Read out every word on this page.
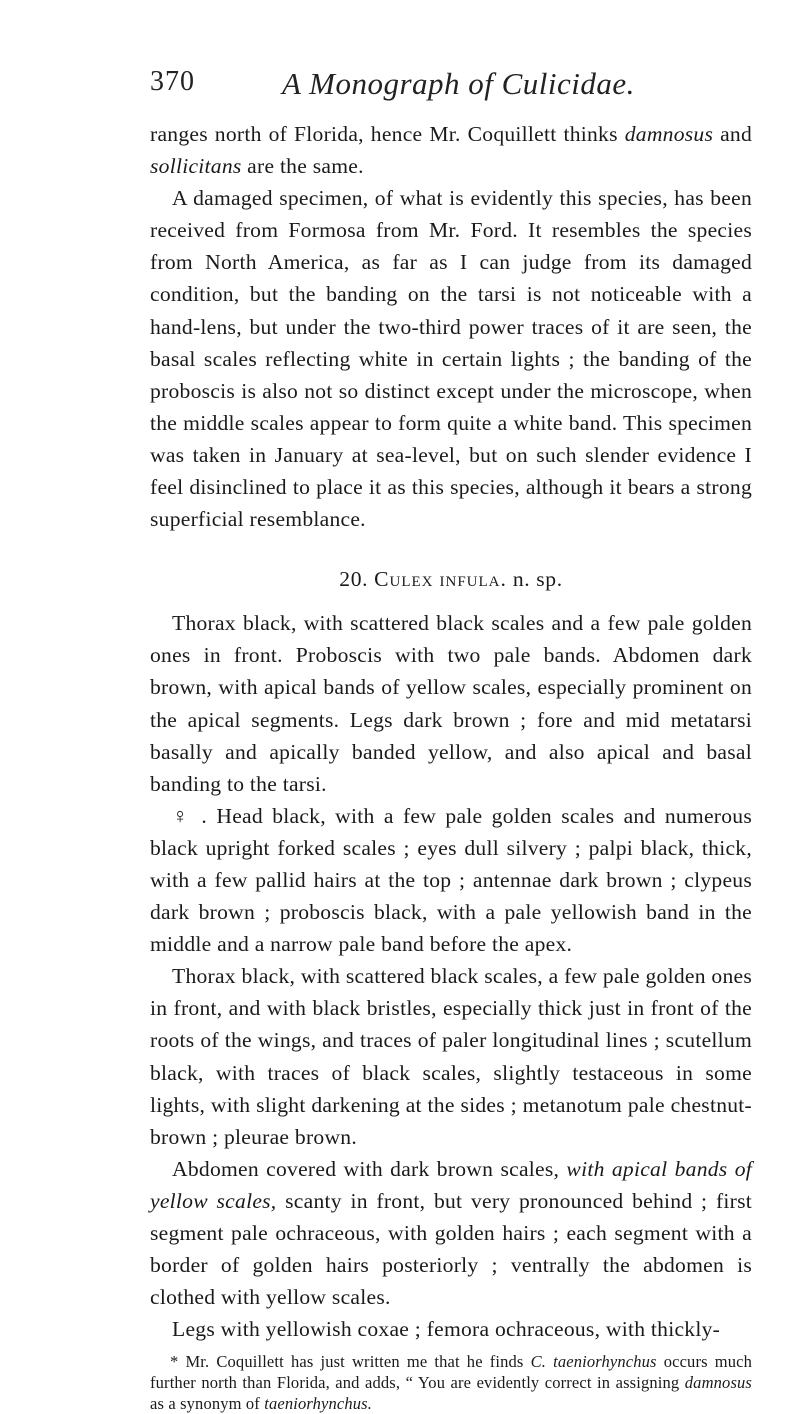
370	A Monograph of Culicidae.

ranges north of Florida, hence Mr. Coquillett thinks damnosus and sollicitans are the same.

A damaged specimen, of what is evidently this species, has been received from Formosa from Mr. Ford. It resembles the species from North America, as far as I can judge from its damaged condition, but the banding on the tarsi is not noticeable with a hand-lens, but under the two-third power traces of it are seen, the basal scales reflecting white in certain lights ; the banding of the proboscis is also not so distinct except under the microscope, when the middle scales appear to form quite a white band. This specimen was taken in January at sea-level, but on such slender evidence I feel disinclined to place it as this species, although it bears a strong superficial resemblance.

20. Culex infula. n. sp.

Thorax black, with scattered black scales and a few pale golden ones in front. Proboscis with two pale bands. Abdomen dark brown, with apical bands of yellow scales, especially prominent on the apical segments. Legs dark brown ; fore and mid metatarsi basally and apically banded yellow, and also apical and basal banding to the tarsi.

♀ . Head black, with a few pale golden scales and numerous black upright forked scales ; eyes dull silvery ; palpi black, thick, with a few pallid hairs at the top ; antennae dark brown ; clypeus dark brown ; proboscis black, with a pale yellowish band in the middle and a narrow pale band before the apex.

Thorax black, with scattered black scales, a few pale golden ones in front, and with black bristles, especially thick just in front of the roots of the wings, and traces of paler longitudinal lines ; scutellum black, with traces of black scales, slightly testaceous in some lights, with slight darkening at the sides ; metanotum pale chestnut-brown ; pleurae brown.

Abdomen covered with dark brown scales, with apical bands of yellow scales, scanty in front, but very pronounced behind ; first segment pale ochraceous, with golden hairs ; each segment with a border of golden hairs posteriorly ; ventrally the abdomen is clothed with yellow scales.

Legs with yellowish coxae ; femora ochraceous, with thickly-

* Mr. Coquillett has just written me that he finds C. taeniorhynchus occurs much further north than Florida, and adds, “ You are evidently correct in assigning damnosus as a synonym of taeniorhynchus.
